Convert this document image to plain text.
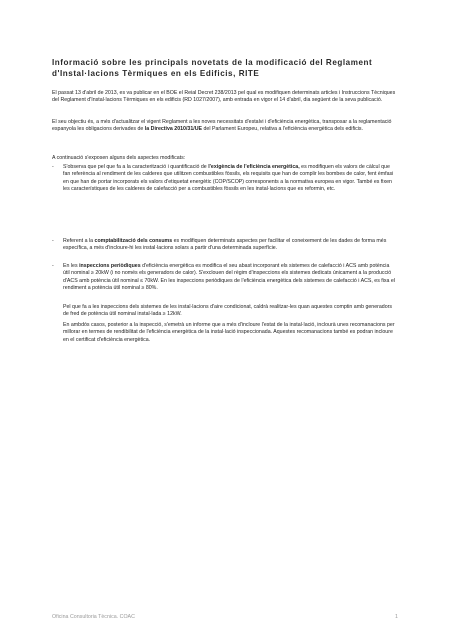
Informació sobre les principals novetats de la modificació del Reglament d'Instal·lacions Tèrmiques en els Edificis, RITE

El passat 13 d'abril de 2013, es va publicar en el BOE el Reial Decret 238/2013 pel qual es modifiquen determinats articles i Instruccions Tècniques del Reglament d'Instal·lacions Tèrmiques en els edificis (RD 1027/2007), amb entrada en vigor el 14 d'abril, dia següent de la seva publicació.

El seu objectiu és, a més d'actualitzar el vigent Reglament a les noves necessitats d'estalvi i d'eficiència energètica, transposar a la reglamentació espanyola les obligacions derivades de la Directiva 2010/31/UE del Parlament Europeu, relativa a l'eficiència energètica dels edificis.

A continuació s'exposen alguns dels aspectes modificats:

- S'observa que pel que fa a la caracterització i quantificació de l'exigència de l'eficiència energètica, es modifiquen els valors de càlcul que fan referència al rendiment de les calderes que utilitzen combustibles fòssils, els requisits que han de complir les bombes de calor, fent èmfasi en que han de portar incorporats els valors d'etiquetat energètic (COP/SCOP) corresponents a la normativa europea en vigor. També es fixen les característiques de les calderes de calefacció per a combustibles fòssils en les instal·lacions que es reformin, etc.

- Referent a la comptabilització dels consums es modifiquen determinats aspectes per facilitar el coneixement de les dades de forma més específica, a més d'incloure-hi les instal·lacions solars a partir d'una determinada superfície.

- En les inspeccions periòdiques d'eficiència energètica es modifica el seu abast incorporant els sistemes de calefacció i ACS amb potència útil nominal ≥ 20kW (i no només els generadors de calor). S'exclouen del règim d'inspeccions els sistemes dedicats únicament a la producció d'ACS amb potència útil nominal ≤ 70kW. En les inspeccions periòdiques de l'eficiència energètica dels sistemes de calefacció i ACS, es fixa el rendiment a potència útil nominal ≥ 80%.

Pel que fa a les inspeccions dels sistemes de les instal·lacions d'aire condicionat, caldrà realitzar-les quan aquestes comptin amb generadors de fred de potència útil nominal instal·lada ≥ 12kW.

En ambdós casos, posterior a la inspecció, s'emetrà un informe que a més d'incloure l'estat de la instal·lació, inclourà unes recomanacions per millorar en termes de rendibilitat de l'eficiència energètica de la instal·lació inspeccionada. Aquestes recomanacions també es podran incloure en el certificat d'eficiència energètica.

Oficina Consultoria Tècnica. COAC	1
